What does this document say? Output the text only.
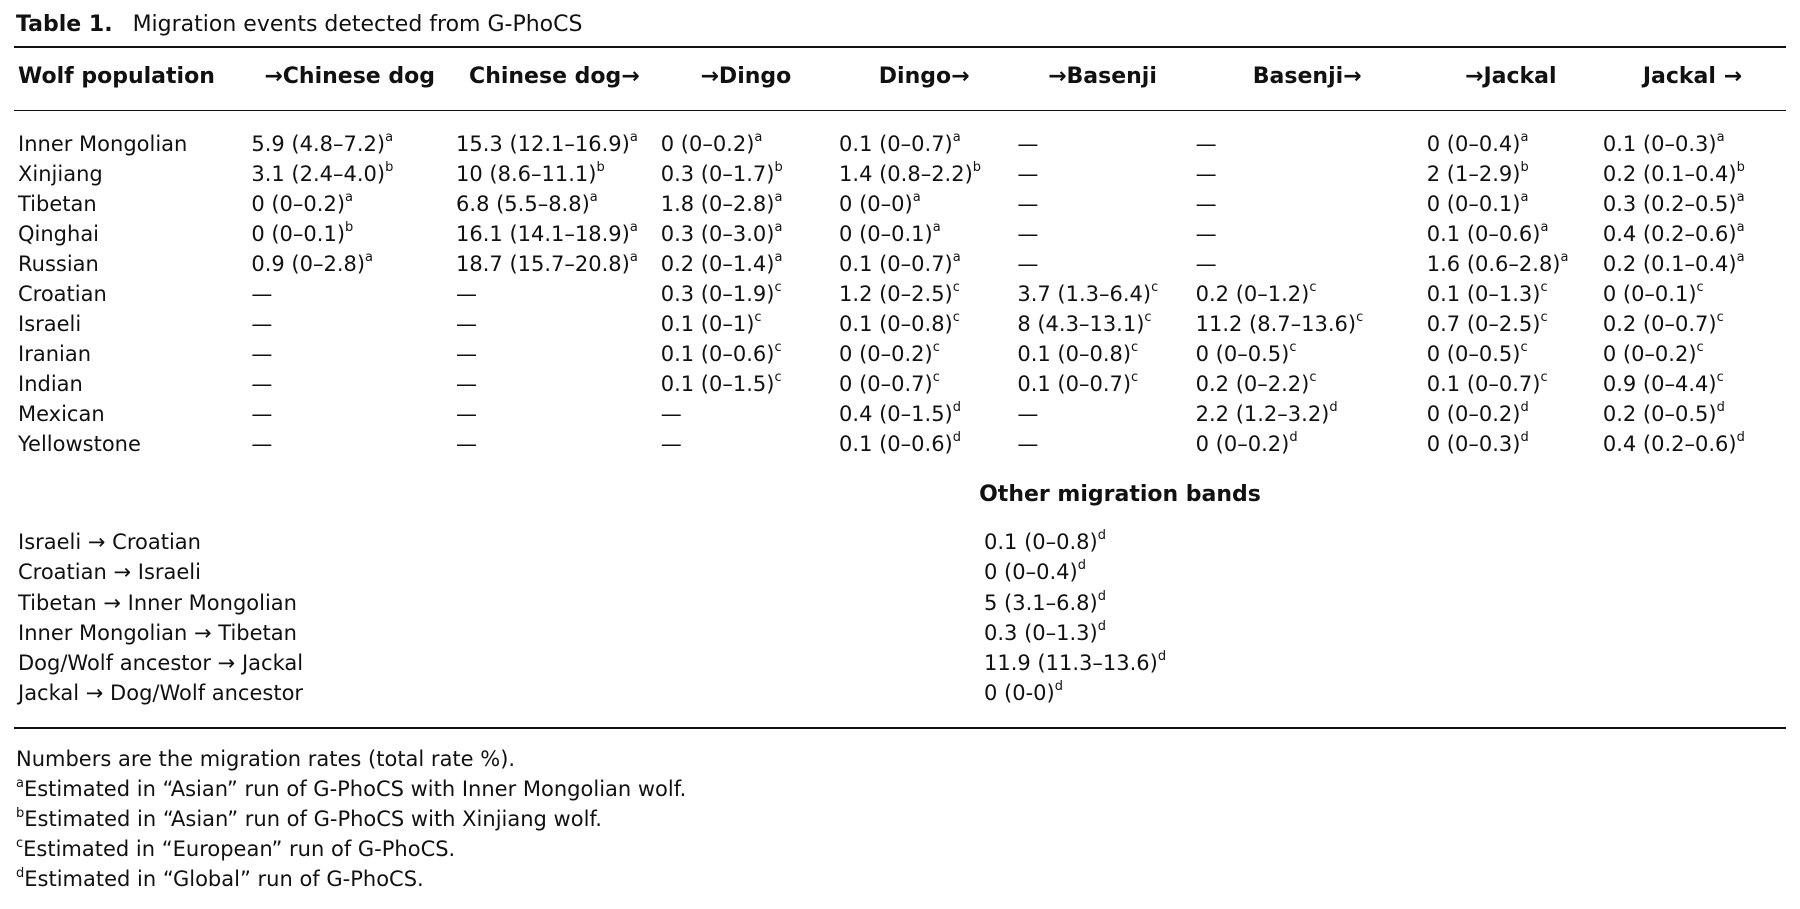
Table 1. Migration events detected from G-PhoCS
Wolf population	→Chinese dog	Chinese dog→	→Dingo	Dingo→	→Basenji	Basenji→	→Jackal	Jackal →
Inner Mongolian	5.9 $(4.8-7.2)^a$	15.3 $(12.1-16.9)^a$	0 $(0-0.2)^a$	0.1 $(0-0.7)^a$	—	—	0 $(0-0.4)^a$	0.1 $(0-0.3)^a$
Xinjiang	3.1 $(2.4-4.0)^b$	10 $(8.6-11.1)^b$	0.3 $(0-1.7)^b$	1.4 $(0.8-2.2)^b$	—	—	2 $(1-2.9)^b$	0.2 $(0.1-0.4)^b$
Tibetan	0 $(0-0.2)^a$	6.8 $(5.5-8.8)^a$	1.8 $(0-2.8)^a$	0 $(0-0)^a$	—	—	0 $(0-0.1)^a$	0.3 $(0.2-0.5)^a$
Qinghai	0 $(0-0.1)^b$	16.1 $(14.1-18.9)^a$	0.3 $(0-3.0)^a$	0 $(0-0.1)^a$	—	—	0.1 $(0-0.6)^a$	0.4 $(0.2-0.6)^a$
Russian	0.9 $(0-2.8)^a$	18.7 $(15.7-20.8)^a$	0.2 $(0-1.4)^a$	0.1 $(0-0.7)^a$	—	—	1.6 $(0.6-2.8)^a$	0.2 $(0.1-0.4)^a$
Croatian	—	—	0.3 $(0-1.9)^c$	1.2 $(0-2.5)^c$	3.7 $(1.3-6.4)^c$	0.2 $(0-1.2)^c$	0.1 $(0-1.3)^c$	0 $(0-0.1)^c$
Israeli	—	—	0.1 $(0-1)^c$	0.1 $(0-0.8)^c$	8 $(4.3-13.1)^c$	11.2 $(8.7-13.6)^c$	0.7 $(0-2.5)^c$	0.2 $(0-0.7)^c$
Iranian	—	—	0.1 $(0-0.6)^c$	0 $(0-0.2)^c$	0.1 $(0-0.8)^c$	0 $(0-0.5)^c$	0 $(0-0.5)^c$	0 $(0-0.2)^c$
Indian	—	—	0.1 $(0-1.5)^c$	0 $(0-0.7)^c$	0.1 $(0-0.7)^c$	0.2 $(0-2.2)^c$	0.1 $(0-0.7)^c$	0.9 $(0-4.4)^c$
Mexican	—	—	—	0.4 $(0-1.5)^d$	—	2.2 $(1.2-3.2)^d$	0 $(0-0.2)^d$	0.2 $(0-0.5)^d$
Yellowstone	—	—	—	0.1 $(0-0.6)^d$	—	0 $(0-0.2)^d$	0 $(0-0.3)^d$	0.4 $(0.2-0.6)^d$
Other migration bands
Israeli → Croatian	0.1 $(0-0.8)^d$
Croatian → Israeli	0 $(0-0.4)^d$
Tibetan → Inner Mongolian	5 $(3.1-6.8)^d$
Inner Mongolian → Tibetan	0.3 $(0-1.3)^d$
Dog/Wolf ancestor → Jackal	11.9 $(11.3-13.6)^d$
Jackal → Dog/Wolf ancestor	0 $(0-0)^d$
Numbers are the migration rates (total rate %).
$^a$Estimated in “Asian” run of G-PhoCS with Inner Mongolian wolf.
$^b$Estimated in “Asian” run of G-PhoCS with Xinjiang wolf.
$^c$Estimated in “European” run of G-PhoCS.
$^d$Estimated in “Global” run of G-PhoCS.
